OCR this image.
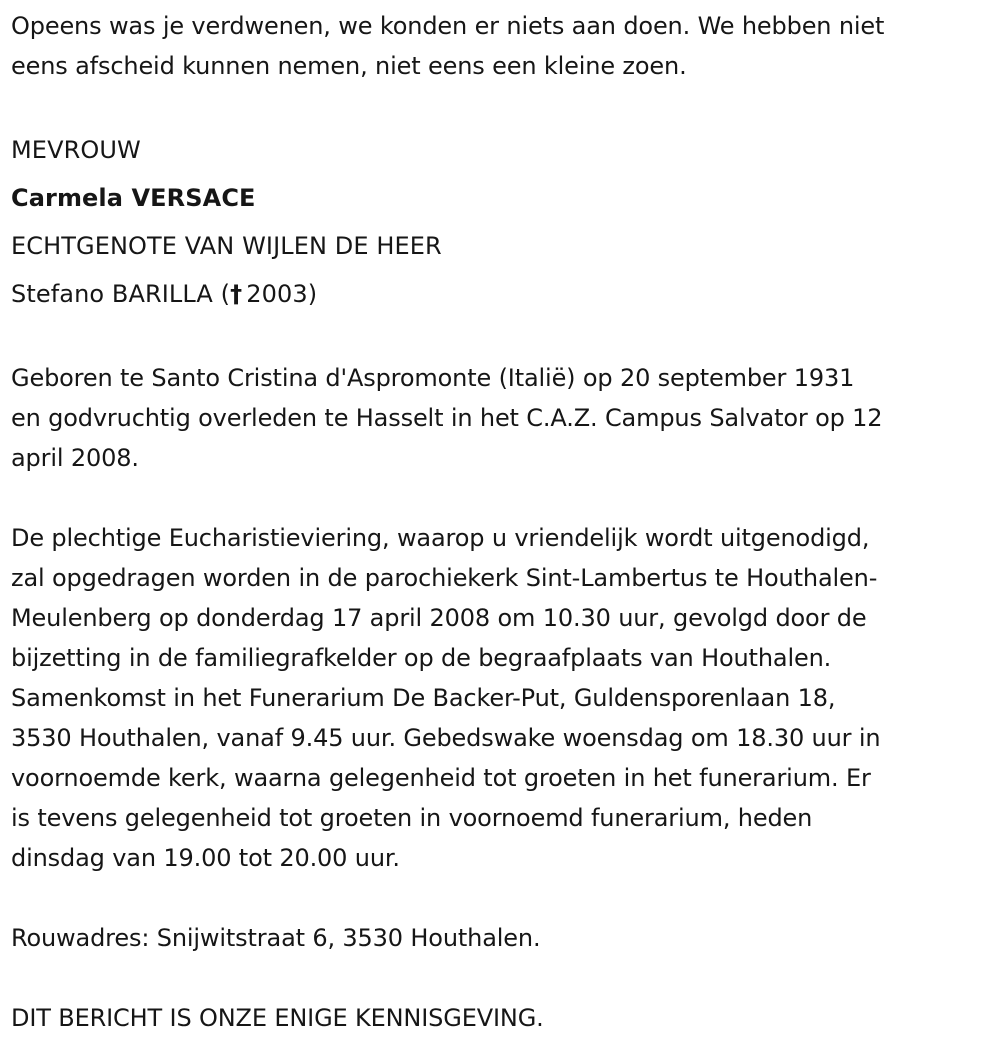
Opeens was je verdwenen, we konden er niets aan doen. We hebben niet
eens afscheid kunnen nemen, niet eens een kleine zoen.
MEVROUW
Carmela VERSACE
ECHTGENOTE VAN WIJLEN DE HEER
Stefano BARILLA († 2003)
Geboren te Santo Cristina d'Aspromonte (Italië) op 20 september 1931
en godvruchtig overleden te Hasselt in het C.A.Z. Campus Salvator op 12
april 2008.
De plechtige Eucharistieviering, waarop u vriendelijk wordt uitgenodigd,
zal opgedragen worden in de parochiekerk Sint-Lambertus te Houthalen-
Meulenberg op donderdag 17 april 2008 om 10.30 uur, gevolgd door de
bijzetting in de familiegrafkelder op de begraafplaats van Houthalen.
Samenkomst in het Funerarium De Backer-Put, Guldensporenlaan 18,
3530 Houthalen, vanaf 9.45 uur. Gebedswake woensdag om 18.30 uur in
voornoemde kerk, waarna gelegenheid tot groeten in het funerarium. Er
is tevens gelegenheid tot groeten in voornoemd funerarium, heden
dinsdag van 19.00 tot 20.00 uur.
Rouwadres: Snijwitstraat 6, 3530 Houthalen.
DIT BERICHT IS ONZE ENIGE KENNISGEVING.
